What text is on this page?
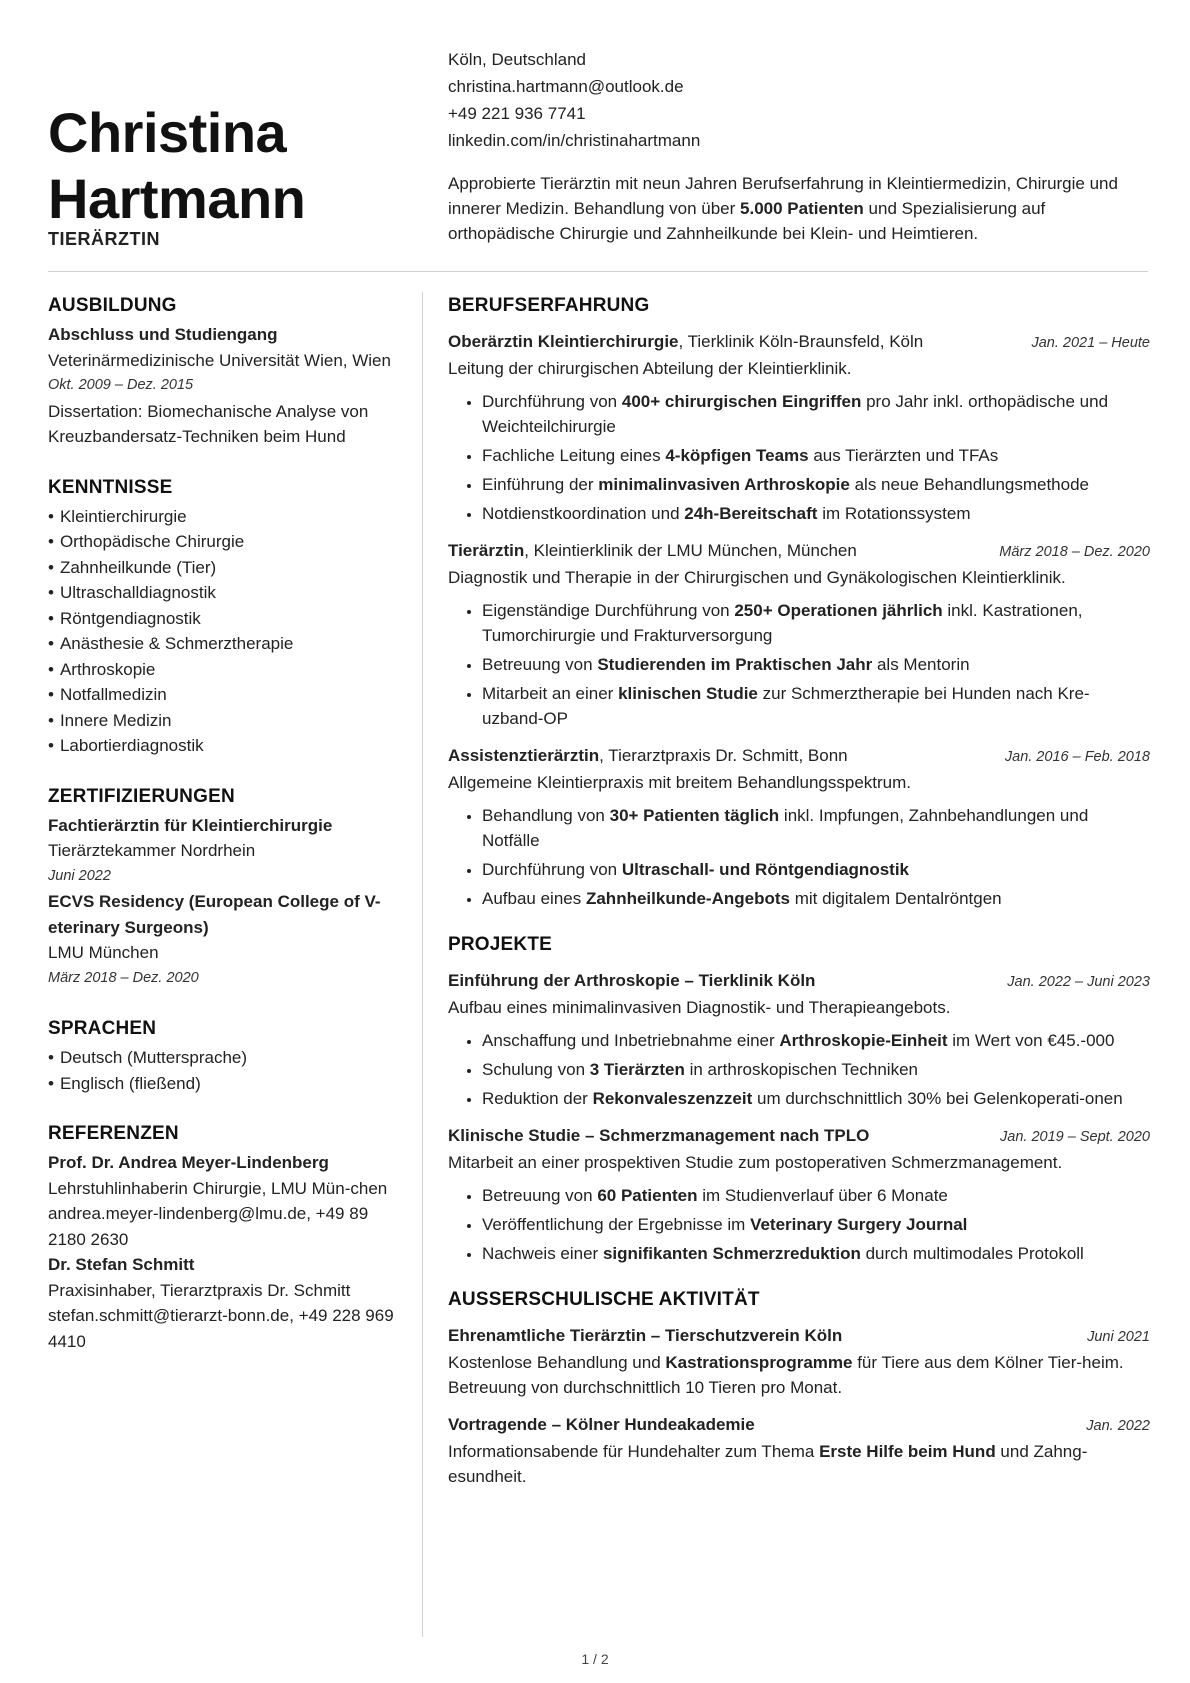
Christina
Hartmann
TIERÄRZTIN
Köln, Deutschland
christina.hartmann@outlook.de
+49 221 936 7741
linkedin.com/in/christinahartmann
Approbierte Tierärztin mit neun Jahren Berufserfahrung in Kleintiermedizin, Chirurgie und innerer Medizin. Behandlung von über 5.000 Patienten und Spezialisierung auf orthopädische Chirurgie und Zahnheilkunde bei Klein- und Heimtieren.
AUSBILDUNG
Abschluss und Studiengang
Veterinärmedizinische Universität Wien, Wien
Okt. 2009 – Dez. 2015
Dissertation: Biomechanische Analyse von Kreuzbandersatz-Techniken beim Hund
KENNTNISSE
• Kleintierchirurgie
• Orthopädische Chirurgie
• Zahnheilkunde (Tier)
• Ultraschalldiagnostik
• Röntgendiagnostik
• Anästhesie & Schmerztherapie
• Arthroskopie
• Notfallmedizin
• Innere Medizin
• Labortierdiagnostik
ZERTIFIZIERUNGEN
Fachtierärztin für Kleintierchirurgie
Tierärztekammer Nordrhein
Juni 2022
ECVS Residency (European College of V-eterinary Surgeons)
LMU München
März 2018 – Dez. 2020
SPRACHEN
• Deutsch (Muttersprache)
• Englisch (fließend)
REFERENZEN
Prof. Dr. Andrea Meyer-Lindenberg
Lehrstuhlinhaberin Chirurgie, LMU Mün-chen
andrea.meyer-lindenberg@lmu.de, +49 89 2180 2630
Dr. Stefan Schmitt
Praxisinhaber, Tierarztpraxis Dr. Schmitt
stefan.schmitt@tierarzt-bonn.de, +49 228 969 4410
BERUFSERFAHRUNG
Oberärztin Kleintierchirurgie, Tierklinik Köln-Braunsfeld, Köln	Jan. 2021 – Heute
Leitung der chirurgischen Abteilung der Kleintierklinik.
• Durchführung von 400+ chirurgischen Eingriffen pro Jahr inkl. orthopädische und Weichteilchirurgie
• Fachliche Leitung eines 4-köpfigen Teams aus Tierärzten und TFAs
• Einführung der minimalinvasiven Arthroskopie als neue Behandlungsmethode
• Notdienstkoordination und 24h-Bereitschaft im Rotationssystem
Tierärztin, Kleintierklinik der LMU München, München	März 2018 – Dez. 2020
Diagnostik und Therapie in der Chirurgischen und Gynäkologischen Kleintierklinik.
• Eigenständige Durchführung von 250+ Operationen jährlich inkl. Kastrationen, Tumorchirurgie und Frakturversorgung
• Betreuung von Studierenden im Praktischen Jahr als Mentorin
• Mitarbeit an einer klinischen Studie zur Schmerztherapie bei Hunden nach Kre-uzband-OP
Assistenztierärztin, Tierarztpraxis Dr. Schmitt, Bonn	Jan. 2016 – Feb. 2018
Allgemeine Kleintierpraxis mit breitem Behandlungsspektrum.
• Behandlung von 30+ Patienten täglich inkl. Impfungen, Zahnbehandlungen und Notfälle
• Durchführung von Ultraschall- und Röntgendiagnostik
• Aufbau eines Zahnheilkunde-Angebots mit digitalem Dentalröntgen
PROJEKTE
Einführung der Arthroskopie – Tierklinik Köln	Jan. 2022 – Juni 2023
Aufbau eines minimalinvasiven Diagnostik- und Therapieangebots.
• Anschaffung und Inbetriebnahme einer Arthroskopie-Einheit im Wert von €45.-000
• Schulung von 3 Tierärzten in arthroskopischen Techniken
• Reduktion der Rekonvaleszenzzeit um durchschnittlich 30% bei Gelenkoperati-onen
Klinische Studie – Schmerzmanagement nach TPLO	Jan. 2019 – Sept. 2020
Mitarbeit an einer prospektiven Studie zum postoperativen Schmerzmanagement.
• Betreuung von 60 Patienten im Studienverlauf über 6 Monate
• Veröffentlichung der Ergebnisse im Veterinary Surgery Journal
• Nachweis einer signifikanten Schmerzreduktion durch multimodales Protokoll
AUSSERSCHULISCHE AKTIVITÄT
Ehrenamtliche Tierärztin – Tierschutzverein Köln	Juni 2021
Kostenlose Behandlung und Kastrationsprogramme für Tiere aus dem Kölner Tier-heim. Betreuung von durchschnittlich 10 Tieren pro Monat.
Vortragende – Kölner Hundeakademie	Jan. 2022
Informationsabende für Hundehalter zum Thema Erste Hilfe beim Hund und Zahng-esundheit.
1 / 2
